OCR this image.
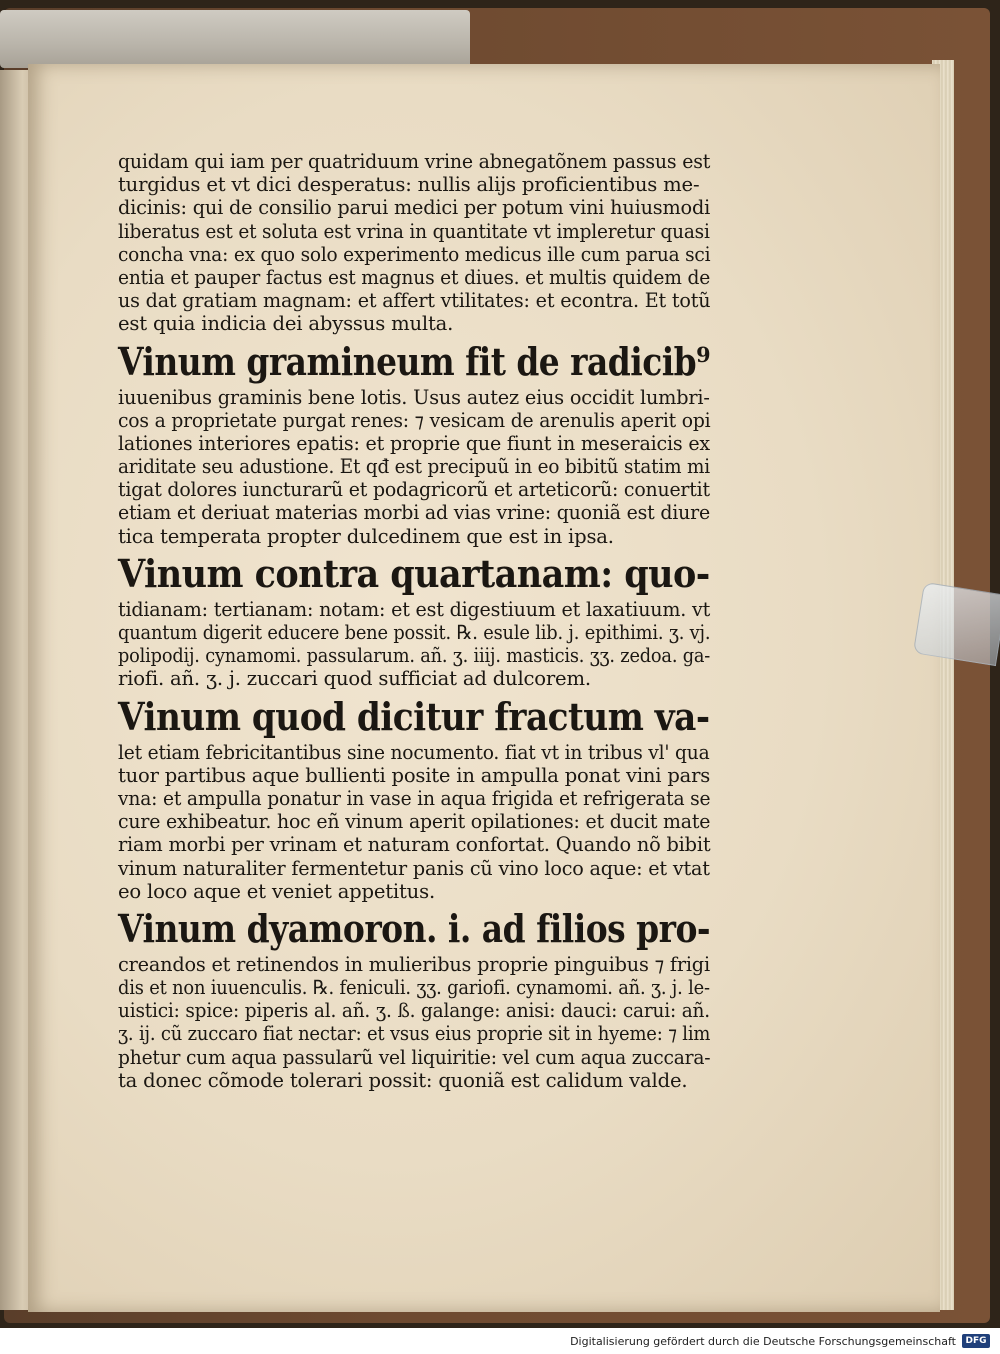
quidam qui iam per quatriduum vrine abnegatõnem passus est
turgidus et vt dici desperatus: nullis alijs proficientibus me-
dicinis: qui de consilio parui medici per potum vini huiusmodi
liberatus est et soluta est vrina in quantitate vt impleretur quasi
concha vna: ex quo solo experimento medicus ille cum parua sci
entia et pauper factus est magnus et diues. et multis quidem de
us dat gratiam magnam: et affert vtilitates: et econtra. Et totũ
est quia indicia dei abyssus multa.
Vinum gramineum fit de radicib⁹
iuuenibus graminis bene lotis. Usus autez eius occidit lumbri-
cos a proprietate purgat renes: ⁊ vesicam de arenulis aperit opi
lationes interiores epatis: et proprie que fiunt in meseraicis ex
ariditate seu adustione. Et qđ est precipuũ in eo bibitũ statim mi
tigat dolores iuncturarũ et podagricorũ et arteticorũ: conuertit
etiam et deriuat materias morbi ad vias vrine: quoniã est diure
tica temperata propter dulcedinem que est in ipsa.
Vinum contra quartanam: quo-
tidianam: tertianam: notam: et est digestiuum et laxatiuum. vt
quantum digerit educere bene possit. ℞. esule lib. j. epithimi. ʒ. vj.
polipodij. cynamomi. passularum. añ. ʒ. iiij. masticis. ʒʒ. zedoa. ga-
riofi. añ. ʒ. j. zuccari quod sufficiat ad dulcorem.
Vinum quod dicitur fractum va-
let etiam febricitantibus sine nocumento. fiat vt in tribus vl' qua
tuor partibus aque bullienti posite in ampulla ponat vini pars
vna: et ampulla ponatur in vase in aqua frigida et refrigerata se
cure exhibeatur. hoc eñ vinum aperit opilationes: et ducit mate
riam morbi per vrinam et naturam confortat. Quando nõ bibit
vinum naturaliter fermentetur panis cũ vino loco aque: et vtat
eo loco aque et veniet appetitus.
Vinum dyamoron. i. ad filios pro-
creandos et retinendos in mulieribus proprie pinguibus ⁊ frigi
dis et non iuuenculis. ℞. feniculi. ʒʒ. gariofi. cynamomi. añ. ʒ. j. le-
uistici: spice: piperis al. añ. ʒ. ß. galange: anisi: dauci: carui: añ.
ʒ. ij. cũ zuccaro fiat nectar: et vsus eius proprie sit in hyeme: ⁊ lim
phetur cum aqua passularũ vel liquiritie: vel cum aqua zuccara-
ta donec cõmode tolerari possit: quoniã est calidum valde.
Digitalisierung gefördert durch die Deutsche Forschungsgemeinschaft	DFG
